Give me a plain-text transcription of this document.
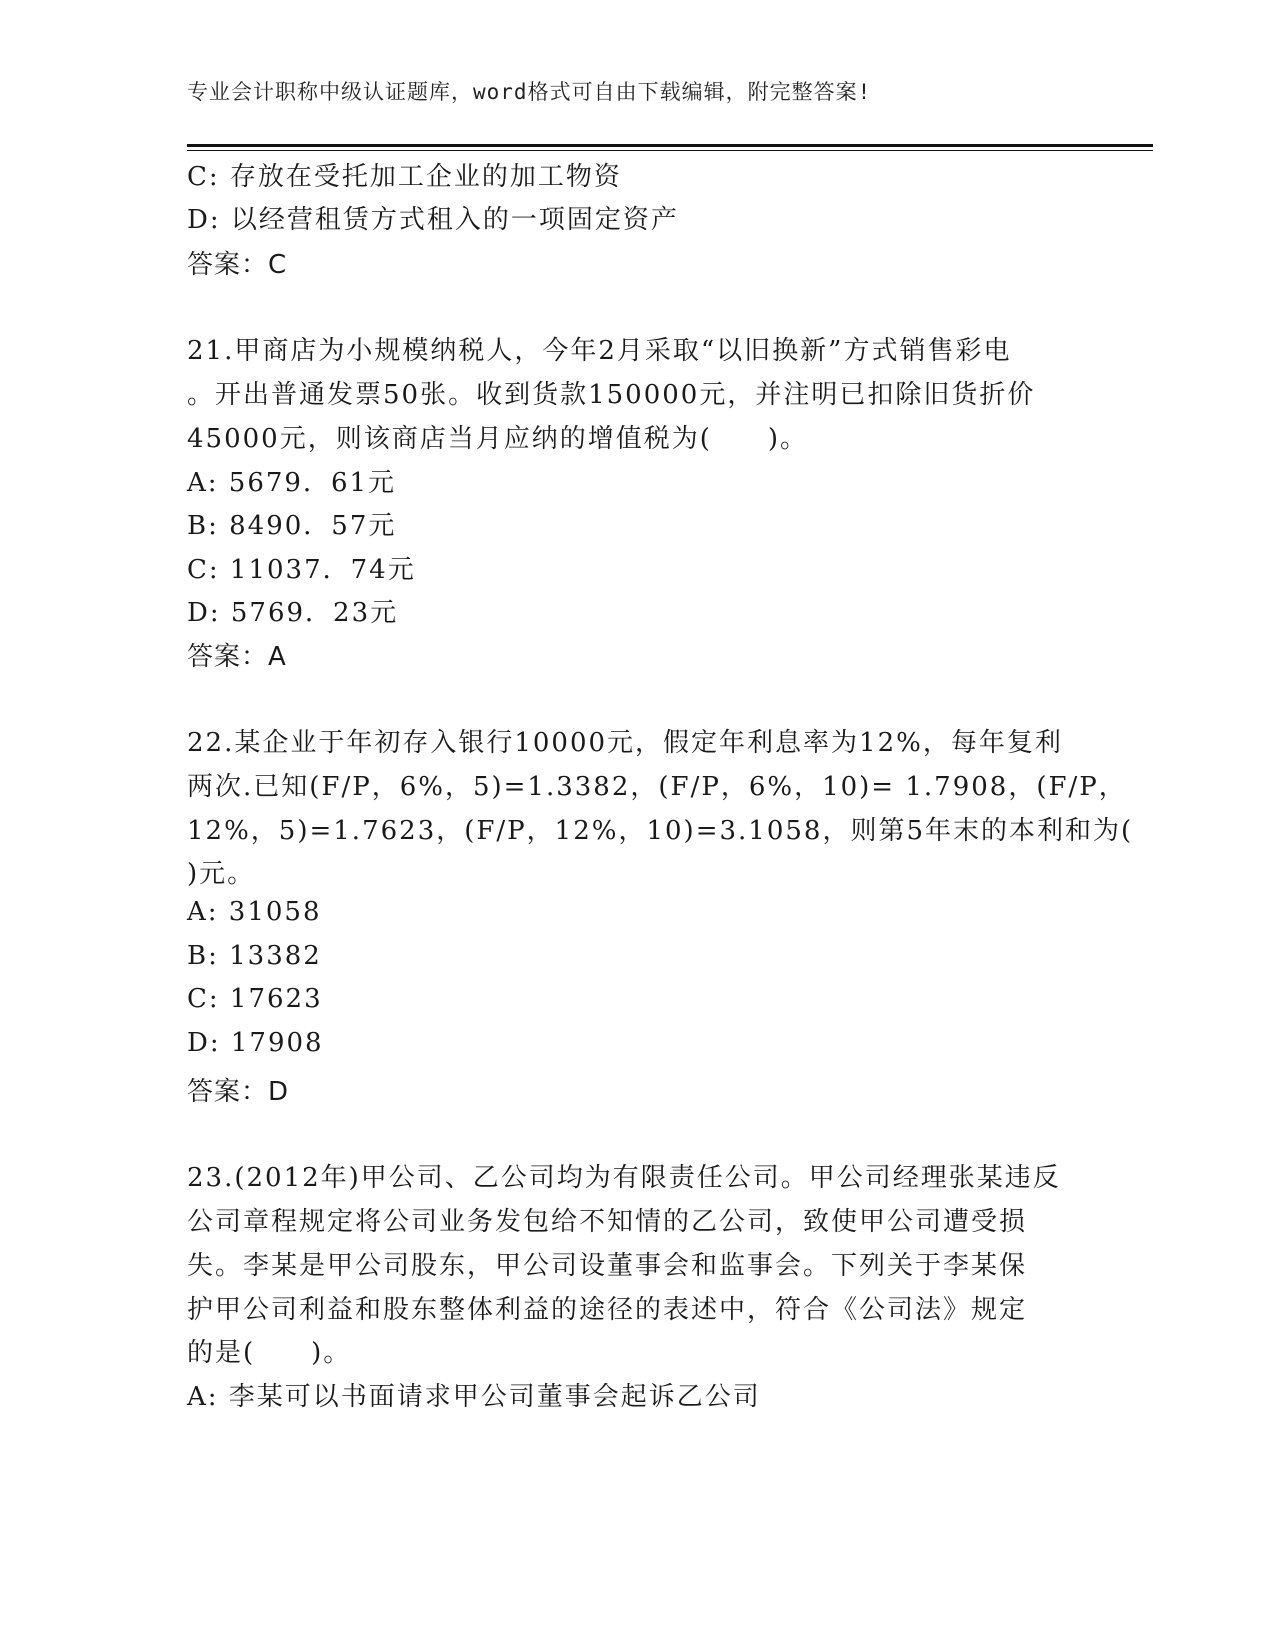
专业会计职称中级认证题库，word格式可自由下载编辑，附完整答案!
C: 存放在受托加工企业的加工物资
D: 以经营租赁方式租入的一项固定资产
答案：C
21.甲商店为小规模纳税人，今年2月采取“以旧换新”方式销售彩电
。开出普通发票50张。收到货款150000元，并注明已扣除旧货折价
45000元，则该商店当月应纳的增值税为(　　)。
A: 5679．61元
B: 8490．57元
C: 11037．74元
D: 5769．23元
答案：A
22.某企业于年初存入银行10000元，假定年利息率为12%，每年复利
两次.已知(F/P，6%，5)=1.3382，(F/P，6%，10)= 1.7908，(F/P，
12%，5)=1.7623，(F/P，12%，10)=3.1058，则第5年末的本利和为(
)元。
A: 31058
B: 13382
C: 17623
D: 17908
答案：D
23.(2012年)甲公司、乙公司均为有限责任公司。甲公司经理张某违反
公司章程规定将公司业务发包给不知情的乙公司，致使甲公司遭受损
失。李某是甲公司股东，甲公司设董事会和监事会。下列关于李某保
护甲公司利益和股东整体利益的途径的表述中，符合《公司法》规定
的是(　　)。
A: 李某可以书面请求甲公司董事会起诉乙公司
